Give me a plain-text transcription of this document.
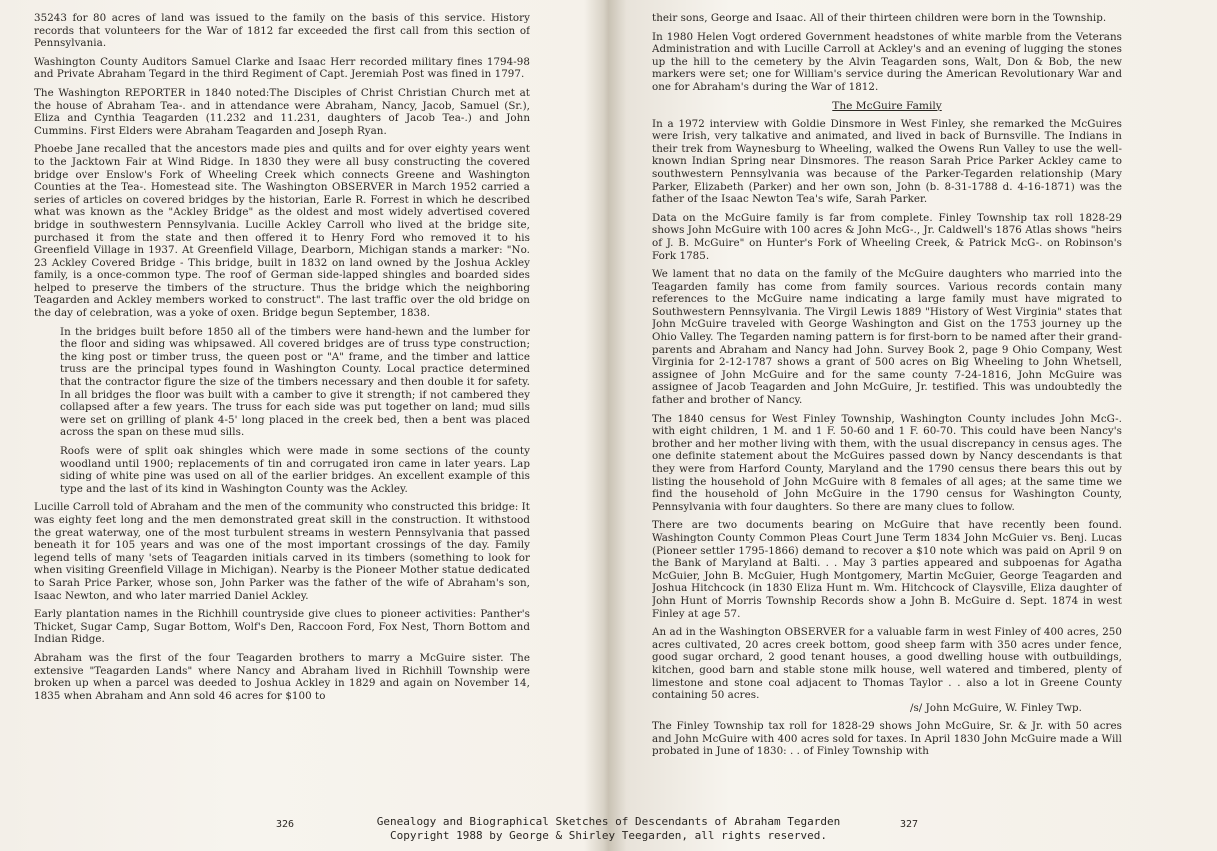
35243 for 80 acres of land was issued to the family on the basis of this service. History records that volunteers for the War of 1812 far exceeded the first call from this section of Pennsylvania.

Washington County Auditors Samuel Clarke and Isaac Herr recorded military fines 1794-98 and Private Abraham Tegard in the third Regiment of Capt. Jeremiah Post was fined in 1797.

The Washington REPORTER in 1840 noted:The Disciples of Christ Christian Church met at the house of Abraham Tea-. and in attendance were Abraham, Nancy, Jacob, Samuel (Sr.), Eliza and Cynthia Teagarden (11.232 and 11.231, daughters of Jacob Tea-.) and John Cummins. First Elders were Abraham Teagarden and Joseph Ryan.

Phoebe Jane recalled that the ancestors made pies and quilts and for over eighty years went to the Jacktown Fair at Wind Ridge. In 1830 they were all busy constructing the covered bridge over Enslow's Fork of Wheeling Creek which connects Greene and Washington Counties at the Tea-. Homestead site. The Washington OBSERVER in March 1952 carried a series of articles on covered bridges by the historian, Earle R. Forrest in which he described what was known as the "Ackley Bridge" as the oldest and most widely advertised covered bridge in southwestern Pennsylvania. Lucille Ackley Carroll who lived at the bridge site, purchased it from the state and then offered it to Henry Ford who removed it to his Greenfield Village in 1937. At Greenfield Village, Dearborn, Michigan stands a marker: "No. 23 Ackley Covered Bridge - This bridge, built in 1832 on land owned by the Joshua Ackley family, is a once-common type. The roof of German side-lapped shingles and boarded sides helped to preserve the timbers of the structure. Thus the bridge which the neighboring Teagarden and Ackley members worked to construct". The last traffic over the old bridge on the day of celebration, was a yoke of oxen. Bridge begun September, 1838.

In the bridges built before 1850 all of the timbers were hand-hewn and the lumber for the floor and siding was whipsawed. All covered bridges are of truss type construction; the king post or timber truss, the queen post or "A" frame, and the timber and lattice truss are the principal types found in Washington County. Local practice determined that the contractor figure the size of the timbers necessary and then double it for safety. In all bridges the floor was built with a camber to give it strength; if not cambered they collapsed after a few years. The truss for each side was put together on land; mud sills were set on grilling of plank 4-5' long placed in the creek bed, then a bent was placed across the span on these mud sills.

Roofs were of split oak shingles which were made in some sections of the county woodland until 1900; replacements of tin and corrugated iron came in later years. Lap siding of white pine was used on all of the earlier bridges. An excellent example of this type and the last of its kind in Washington County was the Ackley.

Lucille Carroll told of Abraham and the men of the community who constructed this bridge: It was eighty feet long and the men demonstrated great skill in the construction. It withstood the great waterway, one of the most turbulent streams in western Pennsylvania that passed beneath it for 105 years and was one of the most important crossings of the day. Family legend tells of many 'sets of Teagarden initials carved in its timbers (something to look for when visiting Greenfield Village in Michigan). Nearby is the Pioneer Mother statue dedicated to Sarah Price Parker, whose son, John Parker was the father of the wife of Abraham's son, Isaac Newton, and who later married Daniel Ackley.

Early plantation names in the Richhill countryside give clues to pioneer activities: Panther's Thicket, Sugar Camp, Sugar Bottom, Wolf's Den, Raccoon Ford, Fox Nest, Thorn Bottom and Indian Ridge.

Abraham was the first of the four Teagarden brothers to marry a McGuire sister. The extensive "Teagarden Lands" where Nancy and Abraham lived in Richhill Township were broken up when a parcel was deeded to Joshua Ackley in 1829 and again on November 14, 1835 when Abraham and Ann sold 46 acres for $100 to

their sons, George and Isaac. All of their thirteen children were born in the Township.

In 1980 Helen Vogt ordered Government headstones of white marble from the Veterans Administration and with Lucille Carroll at Ackley's and an evening of lugging the stones up the hill to the cemetery by the Alvin Teagarden sons, Walt, Don & Bob, the new markers were set; one for William's service during the American Revolutionary War and one for Abraham's during the War of 1812.

The McGuire Family

In a 1972 interview with Goldie Dinsmore in West Finley, she remarked the McGuires were Irish, very talkative and animated, and lived in back of Burnsville. The Indians in their trek from Waynesburg to Wheeling, walked the Owens Run Valley to use the well-known Indian Spring near Dinsmores. The reason Sarah Price Parker Ackley came to southwestern Pennsylvania was because of the Parker-Tegarden relationship (Mary Parker, Elizabeth (Parker) and her own son, John (b. 8-31-1788 d. 4-16-1871) was the father of the Isaac Newton Tea's wife, Sarah Parker.

Data on the McGuire family is far from complete. Finley Township tax roll 1828-29 shows John McGuire with 100 acres & John McG-., Jr. Caldwell's 1876 Atlas shows "heirs of J. B. McGuire" on Hunter's Fork of Wheeling Creek, & Patrick McG-. on Robinson's Fork 1785.

We lament that no data on the family of the McGuire daughters who married into the Teagarden family has come from family sources. Various records contain many references to the McGuire name indicating a large family must have migrated to Southwestern Pennsylvania. The Virgil Lewis 1889 "History of West Virginia" states that John McGuire traveled with George Washington and Gist on the 1753 journey up the Ohio Valley. The Tegarden naming pattern is for first-born to be named after their grand-parents and Abraham and Nancy had John. Survey Book 2, page 9 Ohio Company, West Virginia for 2-12-1787 shows a grant of 500 acres on Big Wheeling to John Whetsell, assignee of John McGuire and for the same county 7-24-1816, John McGuire was assignee of Jacob Teagarden and John McGuire, Jr. testified. This was undoubtedly the father and brother of Nancy.

The 1840 census for West Finley Township, Washington County includes John McG-. with eight children, 1 M. and 1 F. 50-60 and 1 F. 60-70. This could have been Nancy's brother and her mother living with them, with the usual discrepancy in census ages. The one definite statement about the McGuires passed down by Nancy descendants is that they were from Harford County, Maryland and the 1790 census there bears this out by listing the household of John McGuire with 8 females of all ages; at the same time we find the household of John McGuire in the 1790 census for Washington County, Pennsylvania with four daughters. So there are many clues to follow.

There are two documents bearing on McGuire that have recently been found. Washington County Common Pleas Court June Term 1834 John McGuier vs. Benj. Lucas (Pioneer settler 1795-1866) demand to recover a $10 note which was paid on April 9 on the Bank of Maryland at Balti. . . May 3 parties appeared and subpoenas for Agatha McGuier, John B. McGuier, Hugh Montgomery, Martin McGuier, George Teagarden and Joshua Hitchcock (in 1830 Eliza Hunt m. Wm. Hitchcock of Claysville, Eliza daughter of John Hunt of Morris Township Records show a John B. McGuire d. Sept. 1874 in west Finley at age 57.

An ad in the Washington OBSERVER for a valuable farm in west Finley of 400 acres, 250 acres cultivated, 20 acres creek bottom, good sheep farm with 350 acres under fence, good sugar orchard, 2 good tenant houses, a good dwelling house with outbuildings, kitchen, good barn and stable stone milk house, well watered and timbered, plenty of limestone and stone coal adjacent to Thomas Taylor . . also a lot in Greene County containing 50 acres.

/s/ John McGuire, W. Finley Twp.

The Finley Township tax roll for 1828-29 shows John McGuire, Sr. & Jr. with 50 acres and John McGuire with 400 acres sold for taxes. In April 1830 John McGuire made a Will probated in June of 1830: . . of Finley Township with

326	Genealogy and Biographical Sketches of Descendants of Abraham Tegarden	327
Copyright 1988 by George & Shirley Teegarden, all rights reserved.
